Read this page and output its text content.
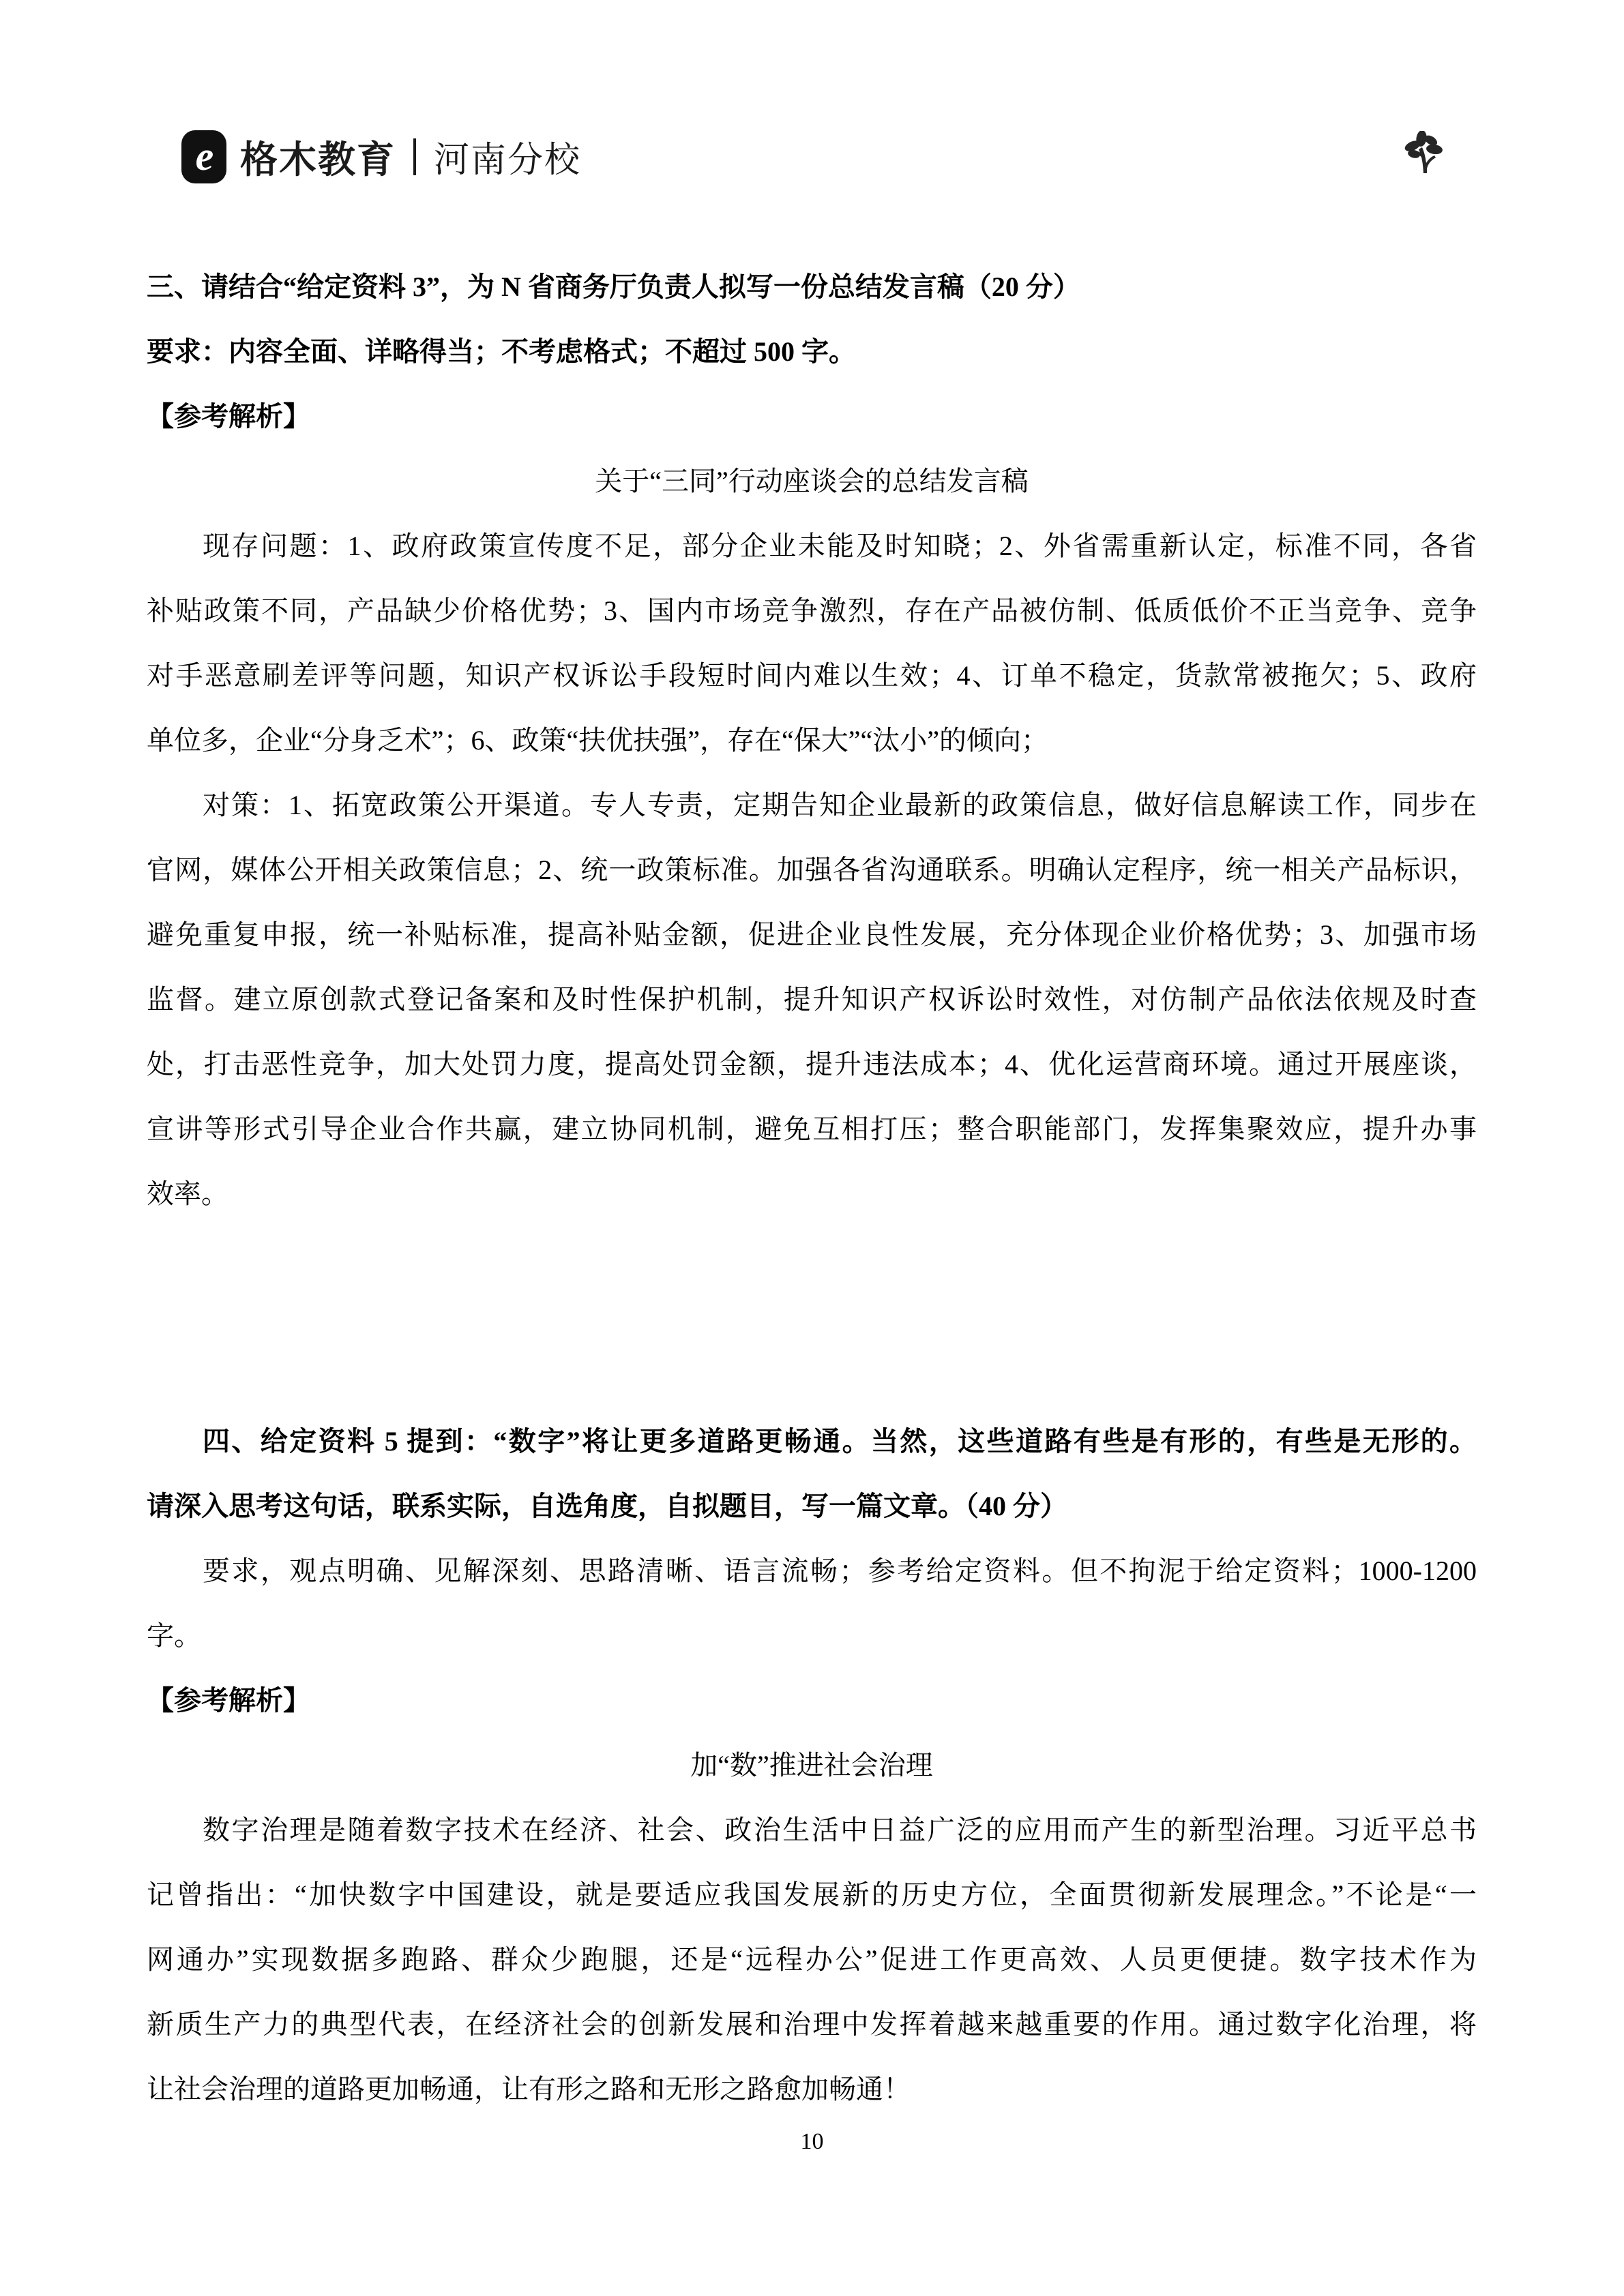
e 格木教育 河南分校
三、请结合“给定资料 3”，为 N 省商务厅负责人拟写一份总结发言稿（20 分）
要求：内容全面、详略得当；不考虑格式；不超过 500 字。
【参考解析】
关于“三同”行动座谈会的总结发言稿
现存问题：1、政府政策宣传度不足，部分企业未能及时知晓；2、外省需重新认定，标准不同，各省
补贴政策不同，产品缺少价格优势；3、国内市场竞争激烈，存在产品被仿制、低质低价不正当竞争、竞争
对手恶意刷差评等问题，知识产权诉讼手段短时间内难以生效；4、订单不稳定，货款常被拖欠；5、政府
单位多，企业“分身乏术”；6、政策“扶优扶强”，存在“保大”“汰小”的倾向；
对策：1、拓宽政策公开渠道。专人专责，定期告知企业最新的政策信息，做好信息解读工作，同步在
官网，媒体公开相关政策信息；2、统一政策标准。加强各省沟通联系。明确认定程序，统一相关产品标识，
避免重复申报，统一补贴标准，提高补贴金额，促进企业良性发展，充分体现企业价格优势；3、加强市场
监督。建立原创款式登记备案和及时性保护机制，提升知识产权诉讼时效性，对仿制产品依法依规及时查
处，打击恶性竞争，加大处罚力度，提高处罚金额，提升违法成本；4、优化运营商环境。通过开展座谈，
宣讲等形式引导企业合作共赢，建立协同机制，避免互相打压；整合职能部门，发挥集聚效应，提升办事
效率。
四、给定资料 5 提到：“数字”将让更多道路更畅通。当然，这些道路有些是有形的，有些是无形的。
请深入思考这句话，联系实际，自选角度，自拟题目，写一篇文章。（40 分）
要求，观点明确、见解深刻、思路清晰、语言流畅；参考给定资料。但不拘泥于给定资料；1000-1200
字。
【参考解析】
加“数”推进社会治理
数字治理是随着数字技术在经济、社会、政治生活中日益广泛的应用而产生的新型治理。习近平总书
记曾指出：“加快数字中国建设，就是要适应我国发展新的历史方位，全面贯彻新发展理念。”不论是“一
网通办”实现数据多跑路、群众少跑腿，还是“远程办公”促进工作更高效、人员更便捷。数字技术作为
新质生产力的典型代表，在经济社会的创新发展和治理中发挥着越来越重要的作用。通过数字化治理，将
让社会治理的道路更加畅通，让有形之路和无形之路愈加畅通！
10
